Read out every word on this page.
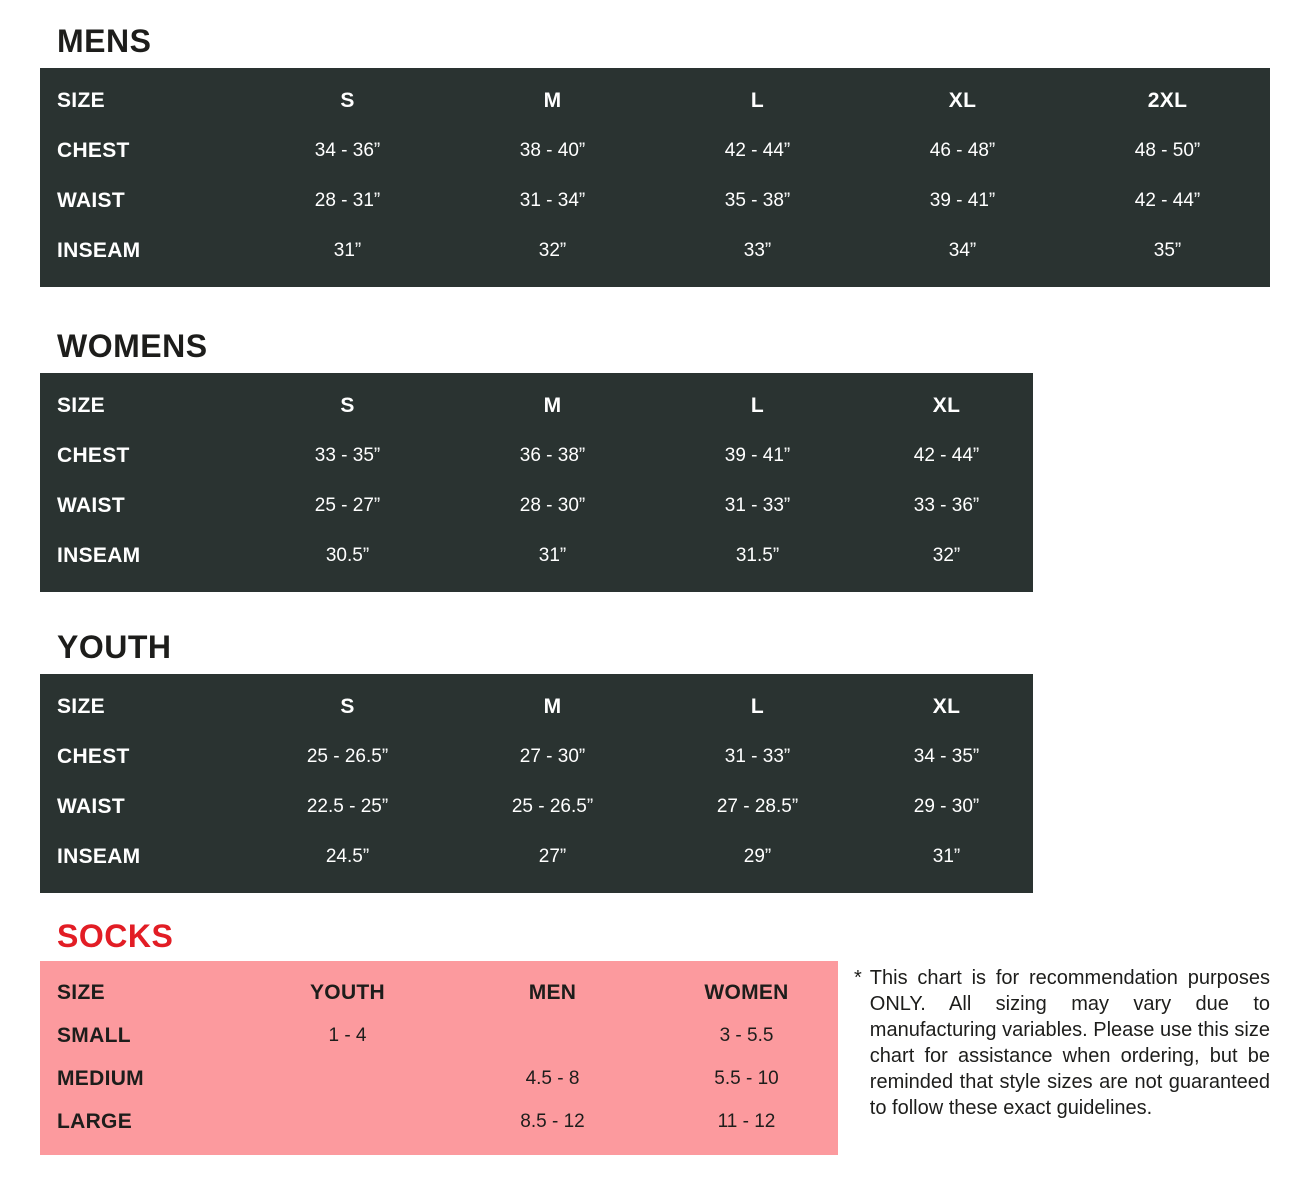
MENS
SIZE	S	M	L	XL	2XL
CHEST	34 - 36”	38 - 40”	42 - 44”	46 - 48”	48 - 50”
WAIST	28 - 31”	31 - 34”	35 - 38”	39 - 41”	42 - 44”
INSEAM	31”	32”	33”	34”	35”
WOMENS
SIZE	S	M	L	XL
CHEST	33 - 35”	36 - 38”	39 - 41”	42 - 44”
WAIST	25 - 27”	28 - 30”	31 - 33”	33 - 36”
INSEAM	30.5”	31”	31.5”	32”
YOUTH
SIZE	S	M	L	XL
CHEST	25 - 26.5”	27 - 30”	31 - 33”	34 - 35”
WAIST	22.5 - 25”	25 - 26.5”	27 - 28.5”	29 - 30”
INSEAM	24.5”	27”	29”	31”
SOCKS
SIZE	YOUTH	MEN	WOMEN
SMALL	1 - 4		3 - 5.5
MEDIUM		4.5 - 8	5.5 - 10
LARGE		8.5 - 12	11 - 12
* This chart is for recommendation purposes ONLY. All sizing may vary due to manufacturing variables. Please use this size chart for assistance when ordering, but be reminded that style sizes are not guaranteed to follow these exact guidelines.
